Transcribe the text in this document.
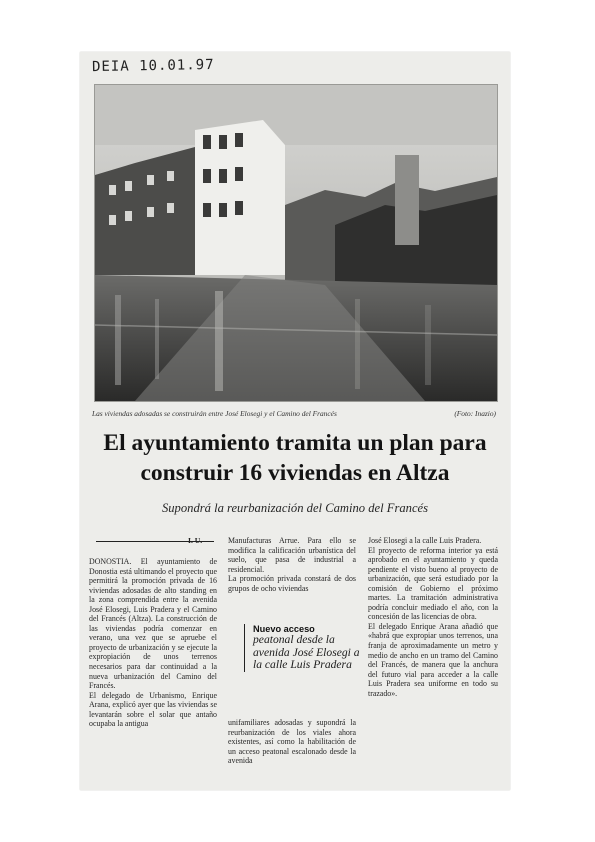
DEIA 10.01.97
Las viviendas adosadas se construirán entre José Elosegi y el Camino del Francés	(Foto: Inazio)
El ayuntamiento tramita un plan para construir 16 viviendas en Altza
Supondrá la reurbanización del Camino del Francés
I. U.
DONOSTIA. El ayuntamiento de Donostia está ultimando el proyecto que permitirá la promoción privada de 16 viviendas adosadas de alto standing en la zona comprendida entre la avenida José Elosegi, Luis Pradera y el Camino del Francés (Altza). La construcción de las viviendas podría comenzar en verano, una vez que se apruebe el proyecto de urbanización y se ejecute la expropiación de unos terrenos necesarios para dar continuidad a la nueva urbanización del Camino del Francés.
El delegado de Urbanismo, Enrique Arana, explicó ayer que las viviendas se levantarán sobre el solar que antaño ocupaba la antigua
Manufacturas Arrue. Para ello se modifica la calificación urbanística del suelo, que pasa de industrial a residencial.
La promoción privada constará de dos grupos de ocho viviendas
Nuevo acceso
peatonal desde la avenida José Elosegi a la calle Luis Pradera
unifamiliares adosadas y supondrá la reurbanización de los viales ahora existentes, así como la habilitación de un acceso peatonal escalonado desde la avenida
José Elosegi a la calle Luis Pradera.
El proyecto de reforma interior ya está aprobado en el ayuntamiento y queda pendiente el visto bueno al proyecto de urbanización, que será estudiado por la comisión de Gobierno el próximo martes. La tramitación administrativa podría concluir mediado el año, con la concesión de las licencias de obra.
El delegado Enrique Arana añadió que «habrá que expropiar unos terrenos, una franja de aproximadamente un metro y medio de ancho en un tramo del Camino del Francés, de manera que la anchura del futuro vial para acceder a la calle Luis Pradera sea uniforme en todo su trazado».
